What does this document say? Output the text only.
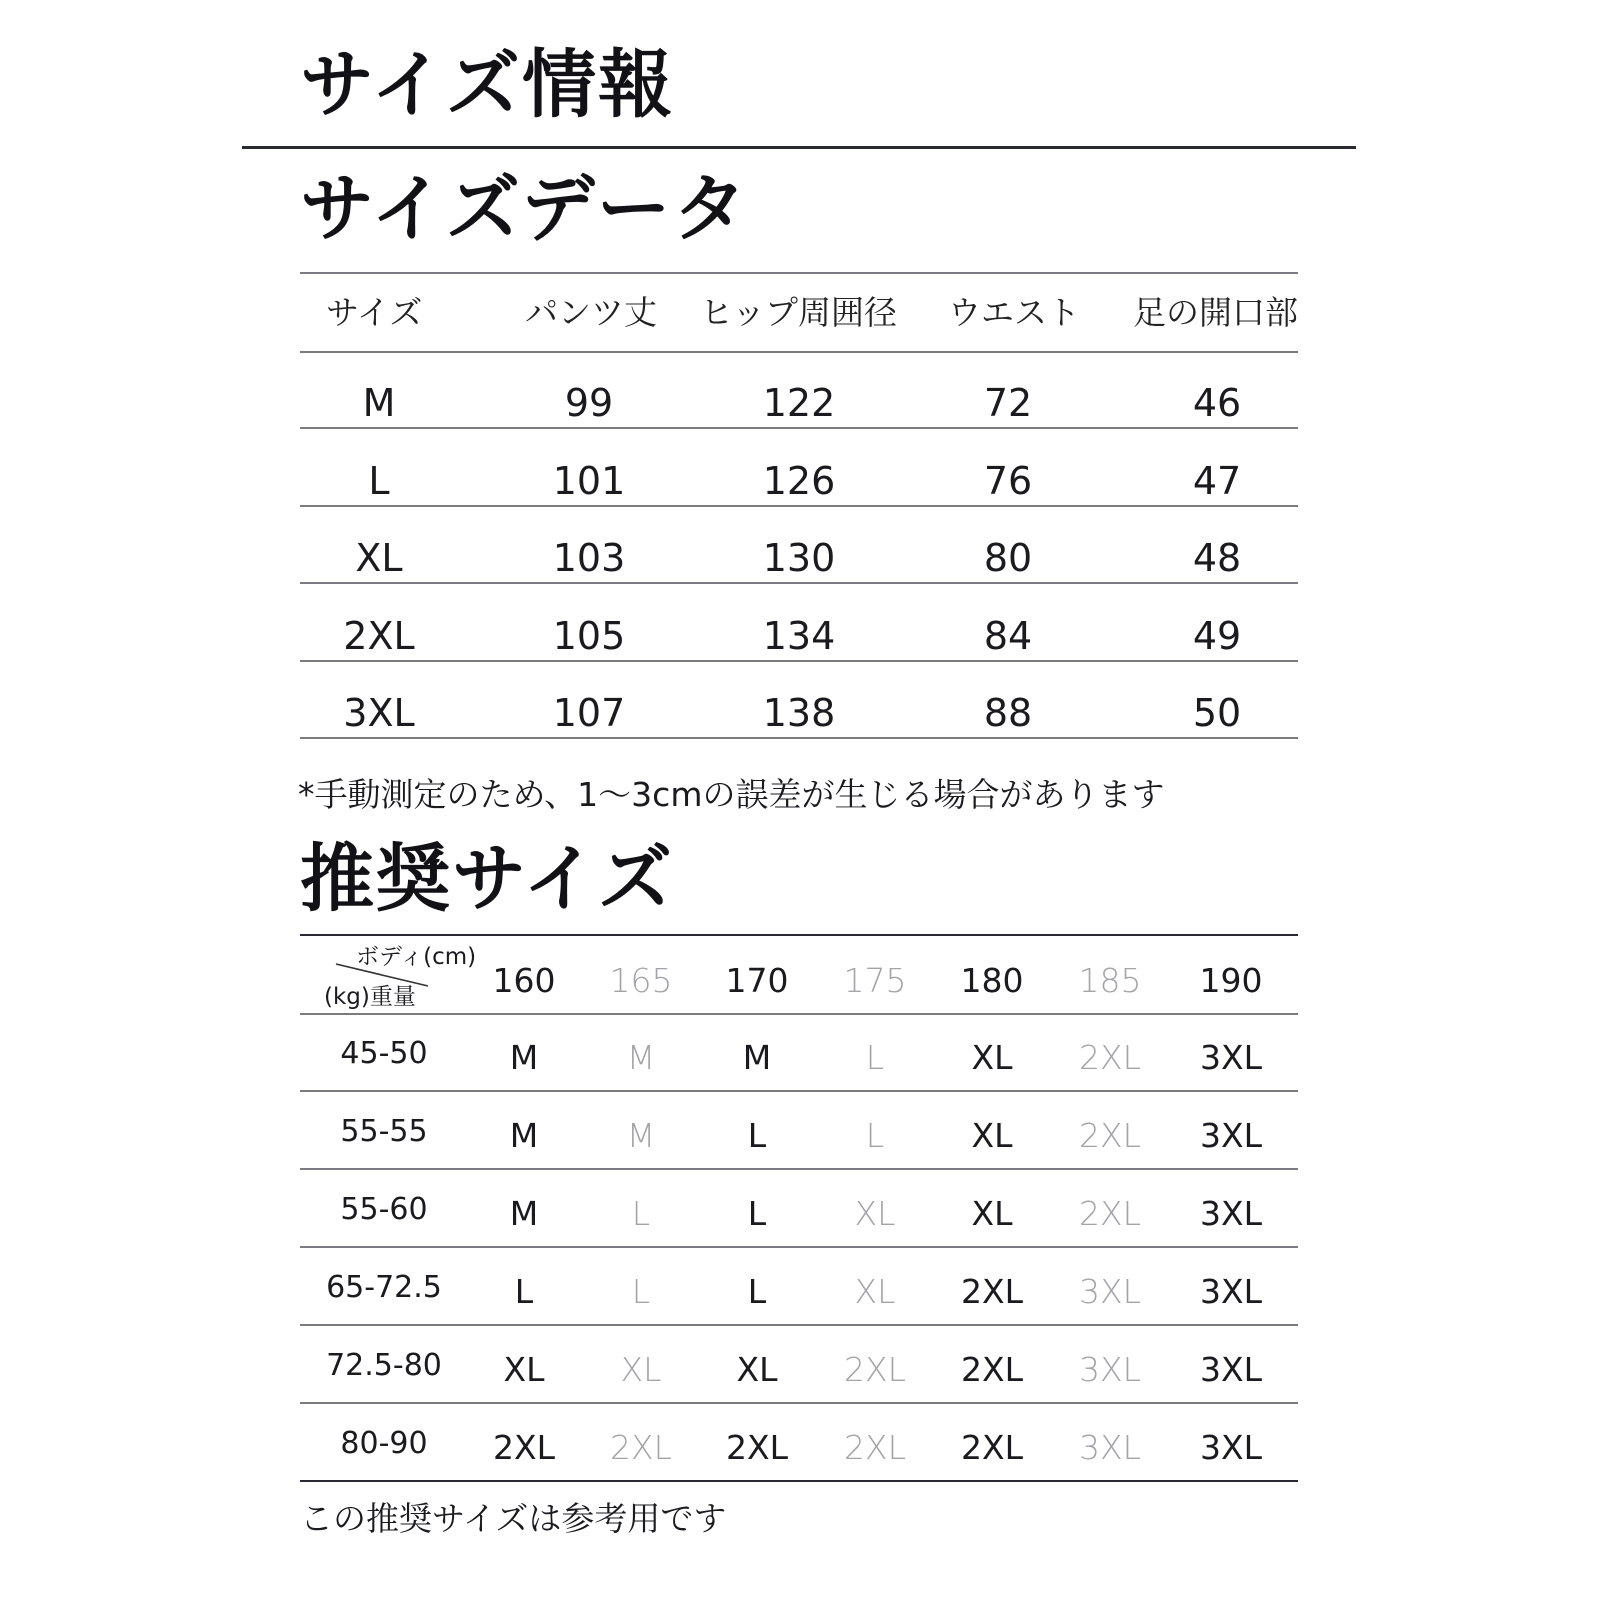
サイズ情報
サイズデータ
サイズ	パンツ丈 ヒップ周囲径 ウエスト 足の開口部
M	99	122	72	46
L	101	126	76	47
XL	103	130	80	48
2XL	105	134	84	49
3XL	107	138	88	50
*手動測定のため、1〜3cmの誤差が生じる場合があります
推奨サイズ
ボディ(cm)
(kg)重量	160	165	170	175	180	185	190
45-50	M	M	M	L	XL	2XL	3XL
55-55	M	M	L	L	XL	2XL	3XL
55-60	M	L	L	XL	XL	2XL	3XL
65-72.5	L	L	L	XL	2XL	3XL	3XL
72.5-80	XL	XL	XL	2XL	2XL	3XL	3XL
80-90	2XL	2XL	2XL	2XL	2XL	3XL	3XL
この推奨サイズは参考用です
